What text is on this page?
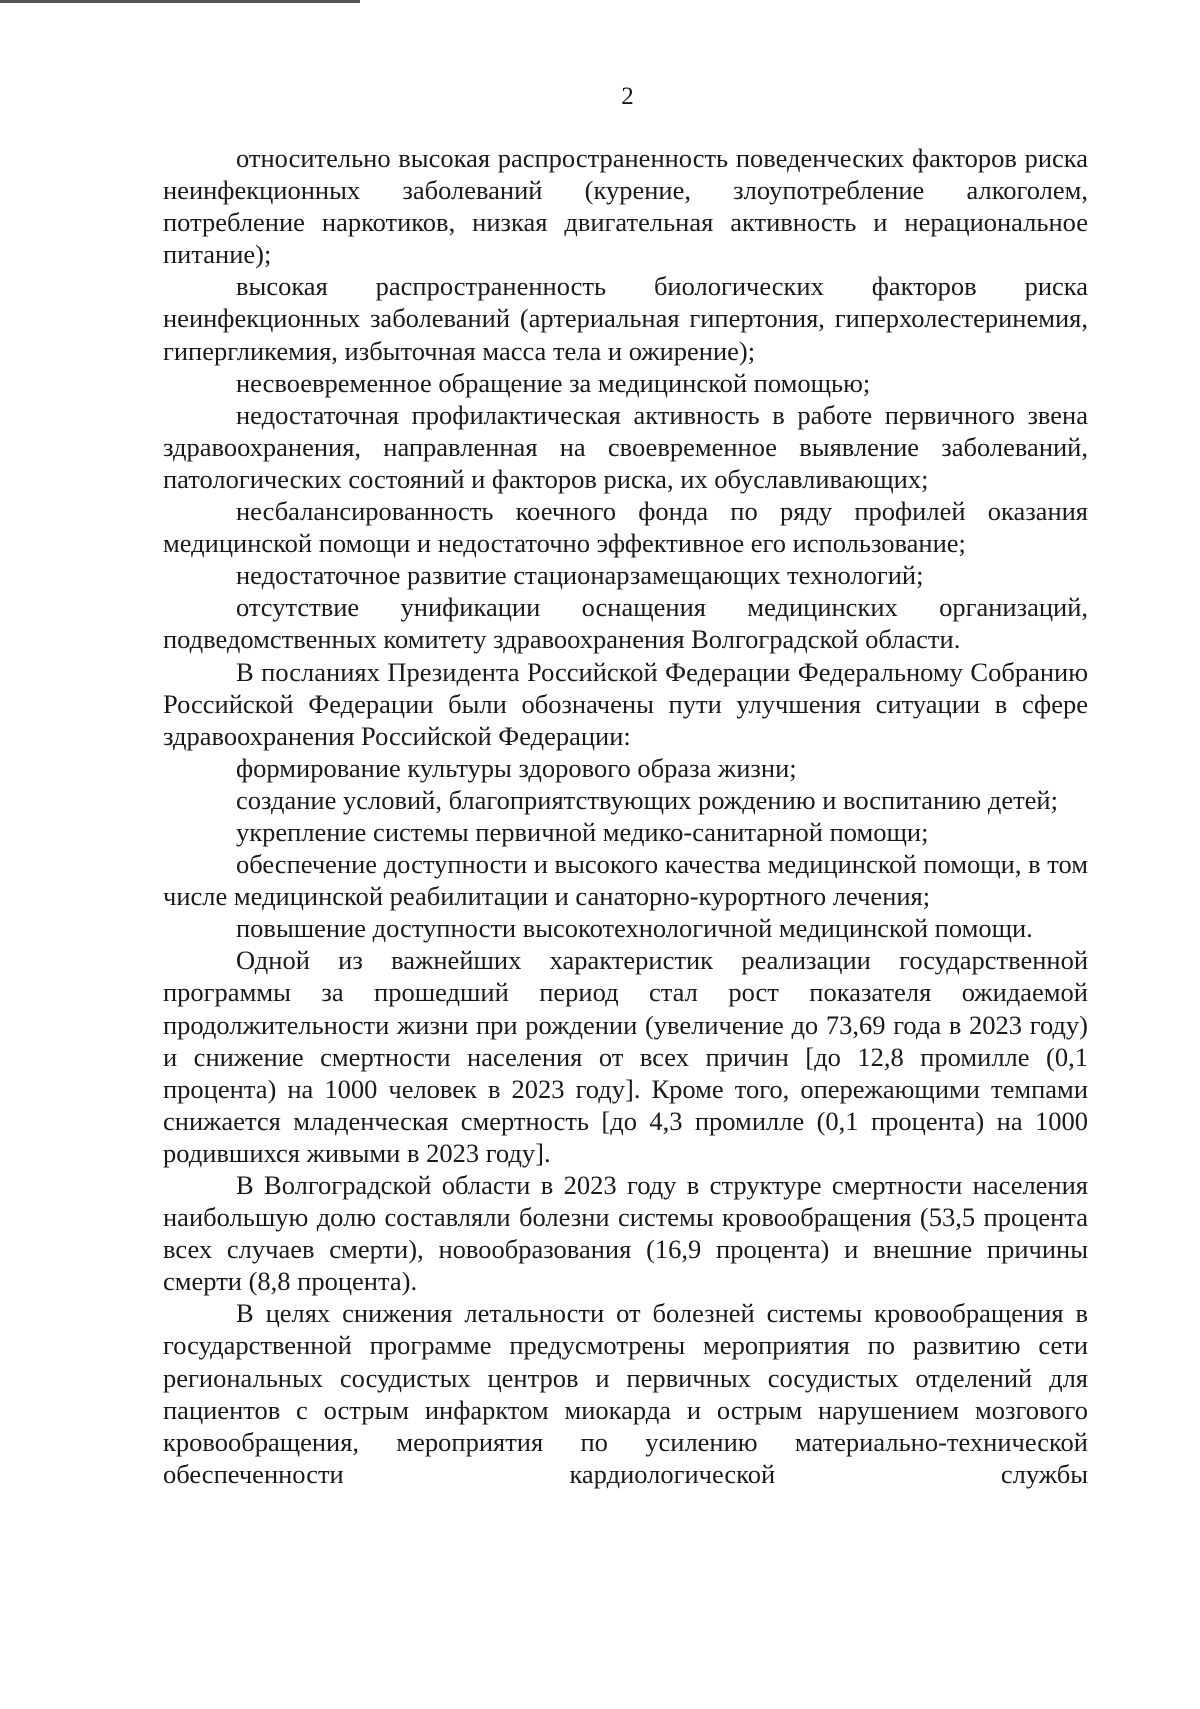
2

относительно высокая распространенность поведенческих факторов риска неинфекционных заболеваний (курение, злоупотребление алкоголем, потребление наркотиков, низкая двигательная активность и нерациональное питание);

высокая распространенность биологических факторов риска неинфекционных заболеваний (артериальная гипертония, гиперхолестеринемия, гипергликемия, избыточная масса тела и ожирение);

несвоевременное обращение за медицинской помощью;

недостаточная профилактическая активность в работе первичного звена здравоохранения, направленная на своевременное выявление заболеваний, патологических состояний и факторов риска, их обуславливающих;

несбалансированность коечного фонда по ряду профилей оказания медицинской помощи и недостаточно эффективное его использование;

недостаточное развитие стационарзамещающих технологий;

отсутствие унификации оснащения медицинских организаций, подведомственных комитету здравоохранения Волгоградской области.

В посланиях Президента Российской Федерации Федеральному Собранию Российской Федерации были обозначены пути улучшения ситуации в сфере здравоохранения Российской Федерации:

формирование культуры здорового образа жизни;

создание условий, благоприятствующих рождению и воспитанию детей;

укрепление системы первичной медико-санитарной помощи;

обеспечение доступности и высокого качества медицинской помощи, в том числе медицинской реабилитации и санаторно-курортного лечения;

повышение доступности высокотехнологичной медицинской помощи.

Одной из важнейших характеристик реализации государственной программы за прошедший период стал рост показателя ожидаемой продолжительности жизни при рождении (увеличение до 73,69 года в 2023 году) и снижение смертности населения от всех причин [до 12,8 промилле (0,1 процента) на 1000 человек в 2023 году]. Кроме того, опережающими темпами снижается младенческая смертность [до 4,3 промилле (0,1 процента) на 1000 родившихся живыми в 2023 году].

В Волгоградской области в 2023 году в структуре смертности населения наибольшую долю составляли болезни системы кровообращения (53,5 процента всех случаев смерти), новообразования (16,9 процента) и внешние причины смерти (8,8 процента).

В целях снижения летальности от болезней системы кровообращения в государственной программе предусмотрены мероприятия по развитию сети региональных сосудистых центров и первичных сосудистых отделений для пациентов с острым инфарктом миокарда и острым нарушением мозгового кровообращения, мероприятия по усилению материально-технической обеспеченности кардиологической службы
